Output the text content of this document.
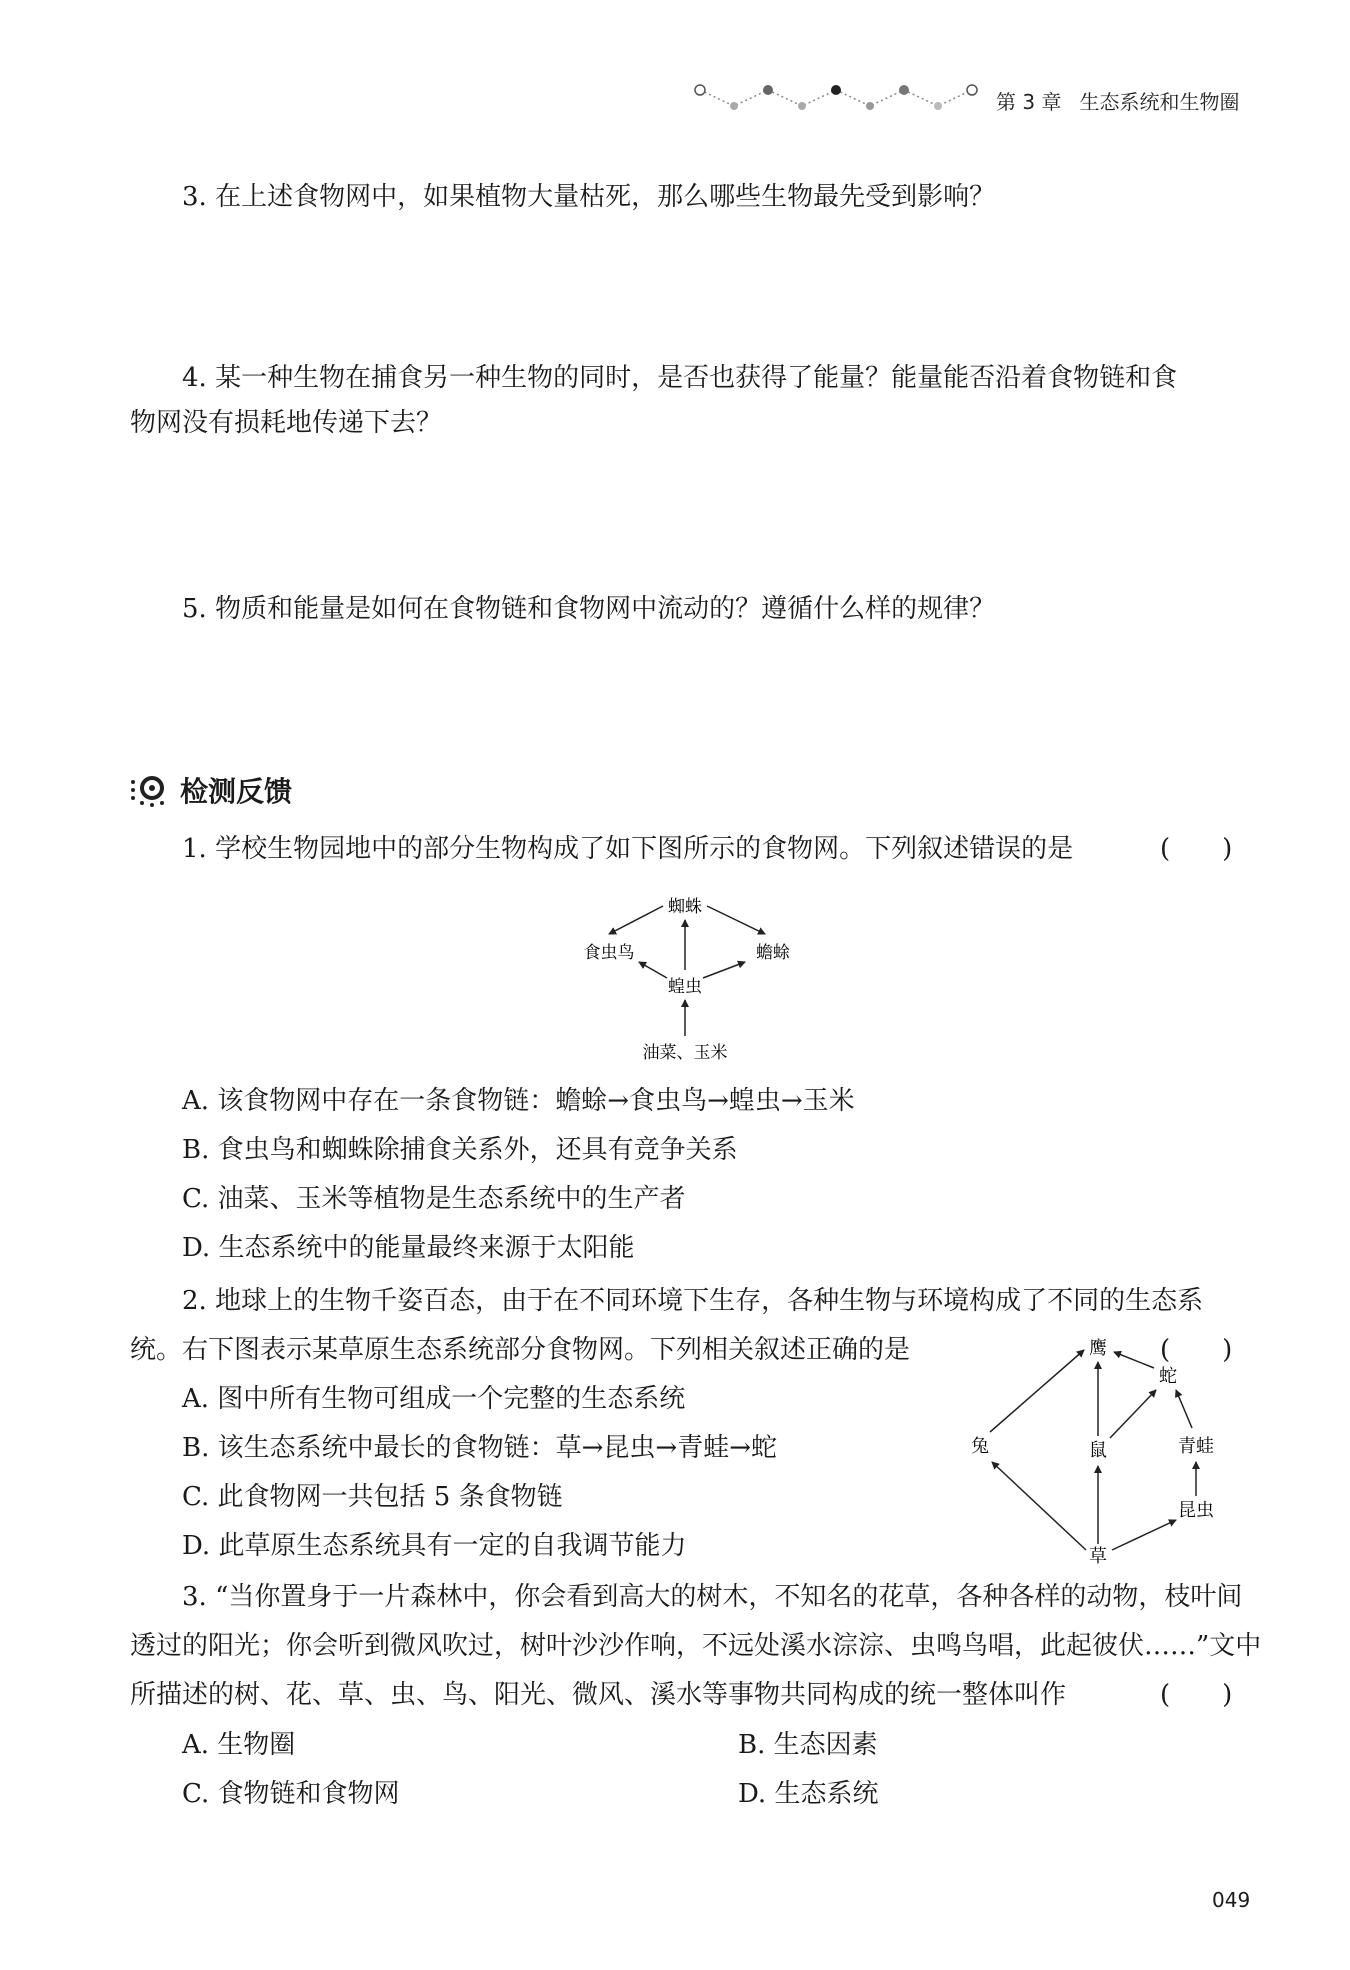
第 3 章 生态系统和生物圈
3. 在上述食物网中，如果植物大量枯死，那么哪些生物最先受到影响？
4. 某一种生物在捕食另一种生物的同时，是否也获得了能量？能量能否沿着食物链和食
物网没有损耗地传递下去？
5. 物质和能量是如何在食物链和食物网中流动的？遵循什么样的规律？
检测反馈
1. 学校生物园地中的部分生物构成了如下图所示的食物网。下列叙述错误的是	(　　)
蜘蛛
食虫鸟	蟾蜍
蝗虫
油菜、玉米
A. 该食物网中存在一条食物链：蟾蜍→食虫鸟→蝗虫→玉米
B. 食虫鸟和蜘蛛除捕食关系外，还具有竞争关系
C. 油菜、玉米等植物是生态系统中的生产者
D. 生态系统中的能量最终来源于太阳能
2. 地球上的生物千姿百态，由于在不同环境下生存，各种生物与环境构成了不同的生态系
统。右下图表示某草原生态系统部分食物网。下列相关叙述正确的是	(　　)
鹰
蛇
兔	鼠	青蛙
昆虫
草
A. 图中所有生物可组成一个完整的生态系统
B. 该生态系统中最长的食物链：草→昆虫→青蛙→蛇
C. 此食物网一共包括 5 条食物链
D. 此草原生态系统具有一定的自我调节能力
3. “当你置身于一片森林中，你会看到高大的树木，不知名的花草，各种各样的动物，枝叶间
透过的阳光；你会听到微风吹过，树叶沙沙作响，不远处溪水淙淙、虫鸣鸟唱，此起彼伏……”文中
所描述的树、花、草、虫、鸟、阳光、微风、溪水等事物共同构成的统一整体叫作	(　　)
A. 生物圈	B. 生态因素
C. 食物链和食物网	D. 生态系统
049
